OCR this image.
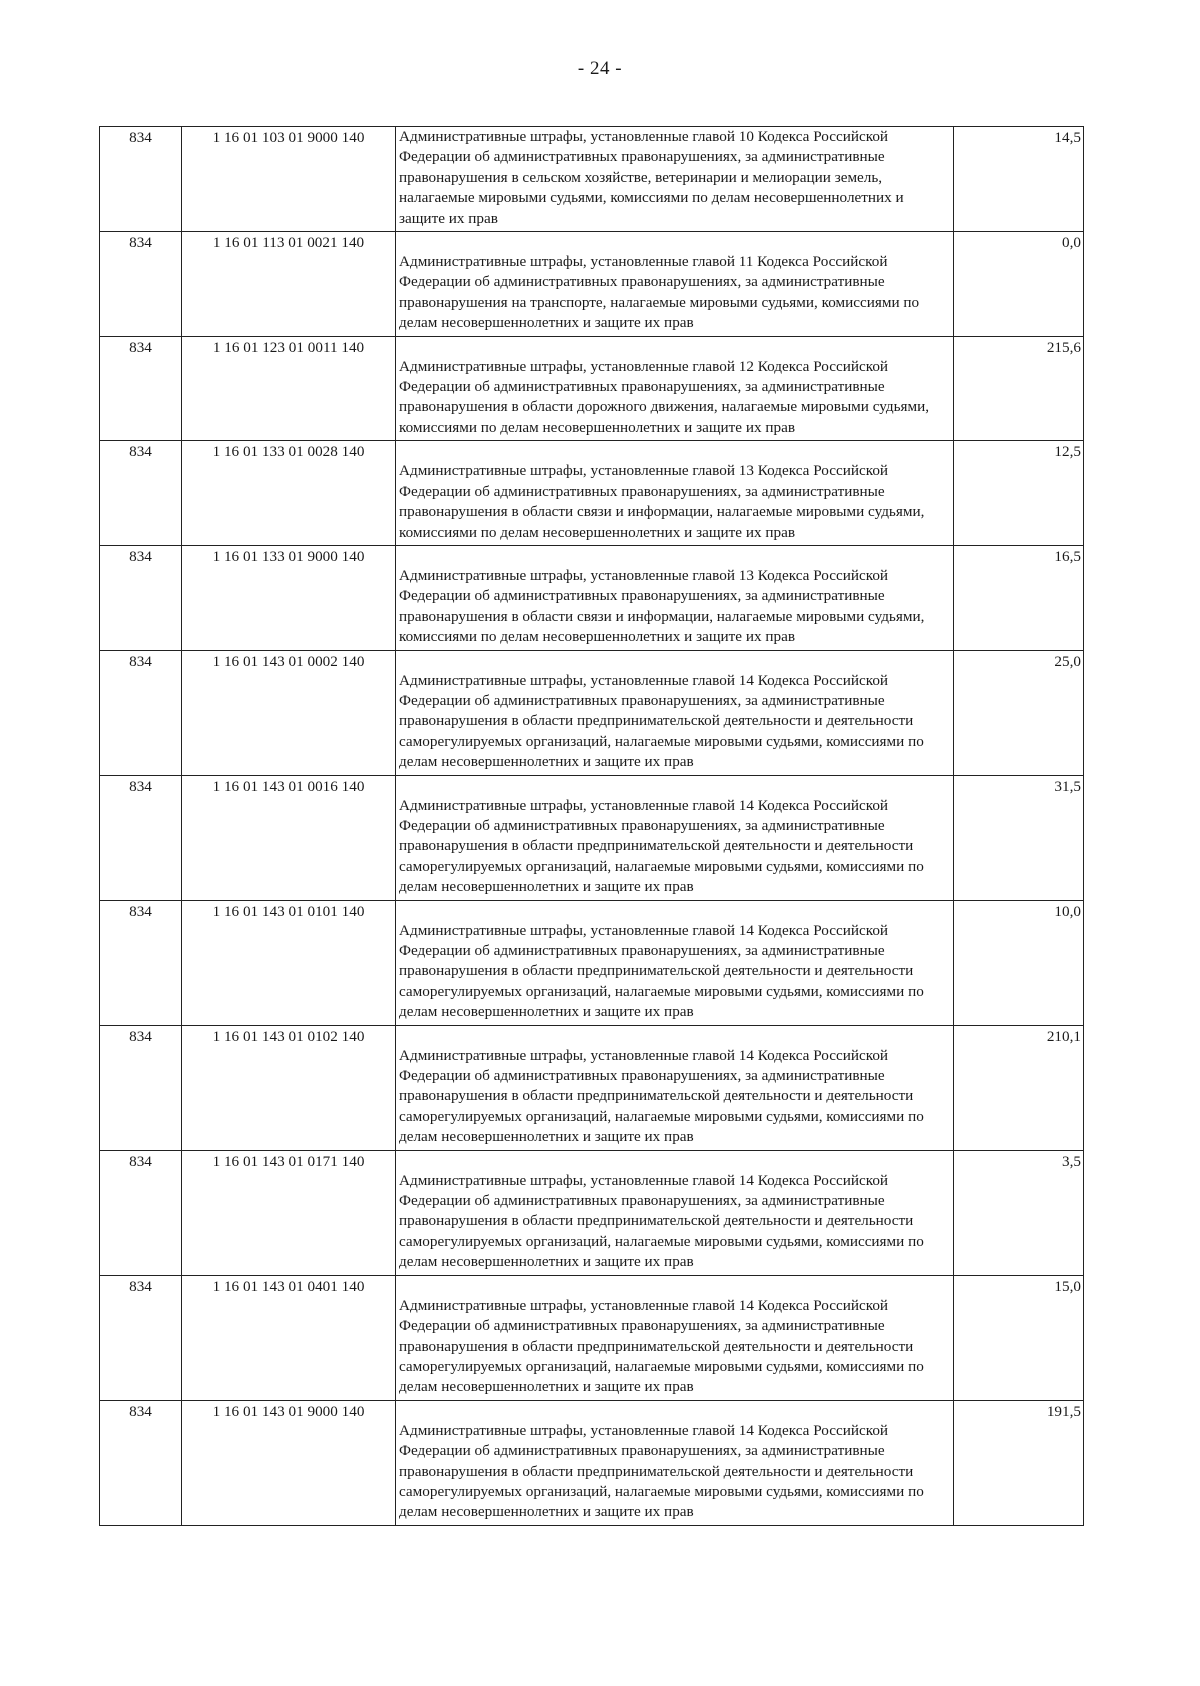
- 24 -
834	1 16 01 103 01 9000 140	Административные штрафы, установленные главой 10 Кодекса Российской Федерации об административных правонарушениях, за административные правонарушения в сельском хозяйстве, ветеринарии и мелиорации земель, налагаемые мировыми судьями, комиссиями по делам несовершеннолетних и защите их прав	14,5
834	1 16 01 113 01 0021 140	Административные штрафы, установленные главой 11 Кодекса Российской Федерации об административных правонарушениях, за административные правонарушения на транспорте, налагаемые мировыми судьями, комиссиями по делам несовершеннолетних и защите их прав	0,0
834	1 16 01 123 01 0011 140	Административные штрафы, установленные главой 12 Кодекса Российской Федерации об административных правонарушениях, за административные правонарушения в области дорожного движения, налагаемые мировыми судьями, комиссиями по делам несовершеннолетних и защите их прав	215,6
834	1 16 01 133 01 0028 140	Административные штрафы, установленные главой 13 Кодекса Российской Федерации об административных правонарушениях, за административные правонарушения в области связи и информации, налагаемые мировыми судьями, комиссиями по делам несовершеннолетних и защите их прав	12,5
834	1 16 01 133 01 9000 140	Административные штрафы, установленные главой 13 Кодекса Российской Федерации об административных правонарушениях, за административные правонарушения в области связи и информации, налагаемые мировыми судьями, комиссиями по делам несовершеннолетних и защите их прав	16,5
834	1 16 01 143 01 0002 140	Административные штрафы, установленные главой 14 Кодекса Российской Федерации об административных правонарушениях, за административные правонарушения в области предпринимательской деятельности и деятельности саморегулируемых организаций, налагаемые мировыми судьями, комиссиями по делам несовершеннолетних и защите их прав	25,0
834	1 16 01 143 01 0016 140	Административные штрафы, установленные главой 14 Кодекса Российской Федерации об административных правонарушениях, за административные правонарушения в области предпринимательской деятельности и деятельности саморегулируемых организаций, налагаемые мировыми судьями, комиссиями по делам несовершеннолетних и защите их прав	31,5
834	1 16 01 143 01 0101 140	Административные штрафы, установленные главой 14 Кодекса Российской Федерации об административных правонарушениях, за административные правонарушения в области предпринимательской деятельности и деятельности саморегулируемых организаций, налагаемые мировыми судьями, комиссиями по делам несовершеннолетних и защите их прав	10,0
834	1 16 01 143 01 0102 140	Административные штрафы, установленные главой 14 Кодекса Российской Федерации об административных правонарушениях, за административные правонарушения в области предпринимательской деятельности и деятельности саморегулируемых организаций, налагаемые мировыми судьями, комиссиями по делам несовершеннолетних и защите их прав	210,1
834	1 16 01 143 01 0171 140	Административные штрафы, установленные главой 14 Кодекса Российской Федерации об административных правонарушениях, за административные правонарушения в области предпринимательской деятельности и деятельности саморегулируемых организаций, налагаемые мировыми судьями, комиссиями по делам несовершеннолетних и защите их прав	3,5
834	1 16 01 143 01 0401 140	Административные штрафы, установленные главой 14 Кодекса Российской Федерации об административных правонарушениях, за административные правонарушения в области предпринимательской деятельности и деятельности саморегулируемых организаций, налагаемые мировыми судьями, комиссиями по делам несовершеннолетних и защите их прав	15,0
834	1 16 01 143 01 9000 140	Административные штрафы, установленные главой 14 Кодекса Российской Федерации об административных правонарушениях, за административные правонарушения в области предпринимательской деятельности и деятельности саморегулируемых организаций, налагаемые мировыми судьями, комиссиями по делам несовершеннолетних и защите их прав	191,5
